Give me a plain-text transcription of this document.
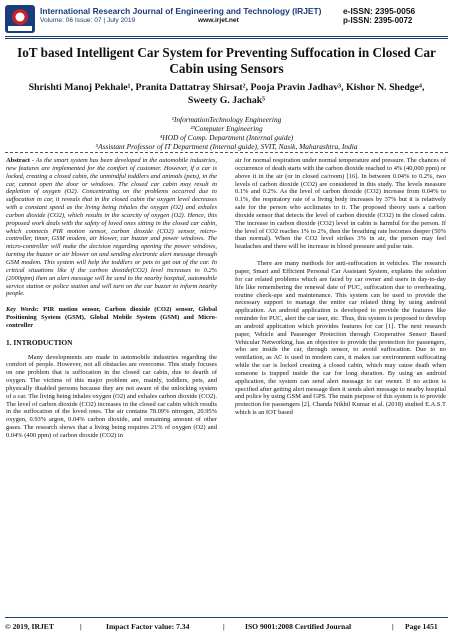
International Research Journal of Engineering and Technology (IRJET)	e-ISSN: 2395-0056
Volume: 06 Issue: 07 | July 2019	www.irjet.net	p-ISSN: 2395-0072
IoT based Intelligent Car System for Preventing Suffocation in Closed Car Cabin using Sensors
Shrishti Manoj Pekhale¹, Pranita Dattatray Shirsat², Pooja Pravin Jadhav³, Kishor N. Shedge⁴, Sweety G. Jachak⁵
¹InformationTechnology Engineering
²³Computer Engineering
⁴HOD of Comp. Department (Internal guide)
⁵Assistant Professor of IT Department (Internal guide), SVIT, Nasik, Maharashtra, India

Abstract - As the smart system has been developed in the automobile industries, new features are implemented for the comfort of customer. However, if a car is locked, creating a closed cabin, the unmindful toddlers and animals (pets), in the car, cannot open the door or windows. The closed car cabin may result in depletion of oxygen (O2). Concentrating on the problems occurred due to suffocation in car, it reveals that in the closed cabin the oxygen level decreases with a constant speed as the living being inhales the oxygen (O2) and exhales carbon dioxide (CO2), which results in the scarcity of oxygen (O2). Hence, this proposed work deals with the safety of loved ones sitting in the closed car cabin, which connects PIR motion sensor, carbon dioxide (CO2) sensor, micro-controller, timer, GSM modem, air blower, car buzzer and power windows. The micro-controller will make the decision regarding opening the power windows, turning the buzzer or air blower on and sending electronic alert message through GSM modem. This system will help the toddlers or pets to get out of the car. In critical situations like if the carbon dioxide(CO2) level increases to 0.2% (2000ppm) then an alert message will be send to the nearby hospital, automobile service station or police station and will turn on the car buzzer to inform nearby people.

Key Words: PIR motion sensor, Carbon dioxide (CO2) sensor, Global Positioning System (GSM), Global Mobile System (GSM) and Micro-controller

1. INTRODUCTION

Many developments are made in automobile industries regarding the comfort of people. However, not all obstacles are overcome. This study focuses on one problem that is suffocation in the closed car cabin, due to dearth of oxygen. The victims of this major problem are, mainly, toddlers, pets, and physically disabled persons because they are not aware of the unlocking system of a car. The living being inhales oxygen (O2) and exhales carbon dioxide (CO2). The level of carbon dioxide (CO2) increases in the closed car cabin which results in the suffocation of the loved ones. The air contains 78.09% nitrogen, 20.95% oxygen, 0.93% argon, 0.04% carbon dioxide, and remaining amount of other gases. The research shows that a living being requires 21% of oxygen (O2) and 0.04% (400 ppm) of carbon dioxide (CO2) in

air for normal respiration under normal temperature and pressure. The chances of occurrence of death starts with the carbon dioxide reached to 4% (40,000 ppm) or above it in the air (or in closed ca/room) [16]. In between 0.04% to 0.2%, two levels of carbon dioxide (CO2) are considered in this study. The levels measure 0.1% and 0.2%. As the level of carbon dioxide (CO2) increase from 0.04% to 0.1%, the respiratory rate of a living body increases by 37% but it is relatively safe for the person who acclimates to it. The proposed theory uses a carbon dioxide sensor that detects the level of carbon dioxide (CO2) in the closed cabin. The increase in carbon dioxide (CO2) level in cabin is harmful for the person. If the level of CO2 reaches 1% to 2%, then the breathing rate becomes deeper (50% than normal). When the CO2 level strikes 3% in air, the person may feel headaches and there will be increase in blood pressure and pulse rate.

There are many methods for anti-suffocation in vehicles. The research paper, Smart and Efficient Personal Car Assistant System, explains the solution for car related problems which are faced by car owner and users in day-to-day life like remembering the renewal date of PUC, suffocation due to overheating, routine check-ups and maintenance. This system can be used to provide the necessary support to manage the entire car related thing by using android application. An android application is developed to provide the features like reminder for PUC, alert the car user, etc. Thus, this system is proposed to develop an android application which provides features for car [1]. The next research paper, Vehicle and Passenger Protection through Cooperative Sensor Based Vehicular Networking, has an objective to provide the protection for passengers, who are inside the car, through sensor, to avoid suffocation. Due to no ventilation, as AC is used in modern cars, it makes car environment suffocating while the car is locked creating a closed cabin, which may cause death when someone is trapped inside the car for long duration. By using an android application, the system can send alert message to car owner. If no action is specified after getting alert message then it sends alert message to nearby hospital and police by using GSM and GPS. The main purpose of this system is to provide protection for passengers [2]. Chanda Nikhil Kumar et al. (2018) studied E.A.S.T which is an IOT based

© 2019, IRJET	|	Impact Factor value: 7.34	|	ISO 9001:2008 Certified Journal	| Page 1451
